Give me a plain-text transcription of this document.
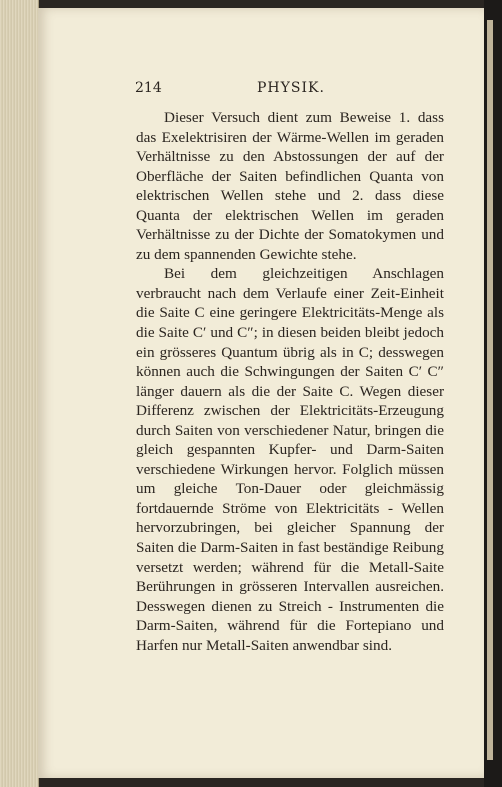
214	PHYSIK.

Dieser Versuch dient zum Beweise 1. dass das Exelektrisiren der Wärme-Wellen im geraden Verhältnisse zu den Abstossungen der auf der Oberfläche der Saiten befindlichen Quanta von elektrischen Wellen stehe und 2. dass diese Quanta der elektrischen Wellen im geraden Verhältnisse zu der Dichte der Somatokymen und zu dem spannenden Gewichte stehe.

Bei dem gleichzeitigen Anschlagen verbraucht nach dem Verlaufe einer Zeit-Einheit die Saite C eine geringere Elektricitäts-Menge als die Saite C′ und C″; in diesen beiden bleibt jedoch ein grösseres Quantum übrig als in C; desswegen können auch die Schwingungen der Saiten C′ C″ länger dauern als die der Saite C. Wegen dieser Differenz zwischen der Elektricitäts-Erzeugung durch Saiten von verschiedener Natur, bringen die gleich gespannten Kupfer- und Darm-Saiten verschiedene Wirkungen hervor. Folglich müssen um gleiche Ton-Dauer oder gleichmässig fortdauernde Ströme von Elektricitäts - Wellen hervorzubringen, bei gleicher Spannung der Saiten die Darm-Saiten in fast beständige Reibung versetzt werden; während für die Metall-Saite Berührungen in grösseren Intervallen ausreichen. Desswegen dienen zu Streich - Instrumenten die Darm-Saiten, während für die Fortepiano und Harfen nur Metall-Saiten anwendbar sind.
